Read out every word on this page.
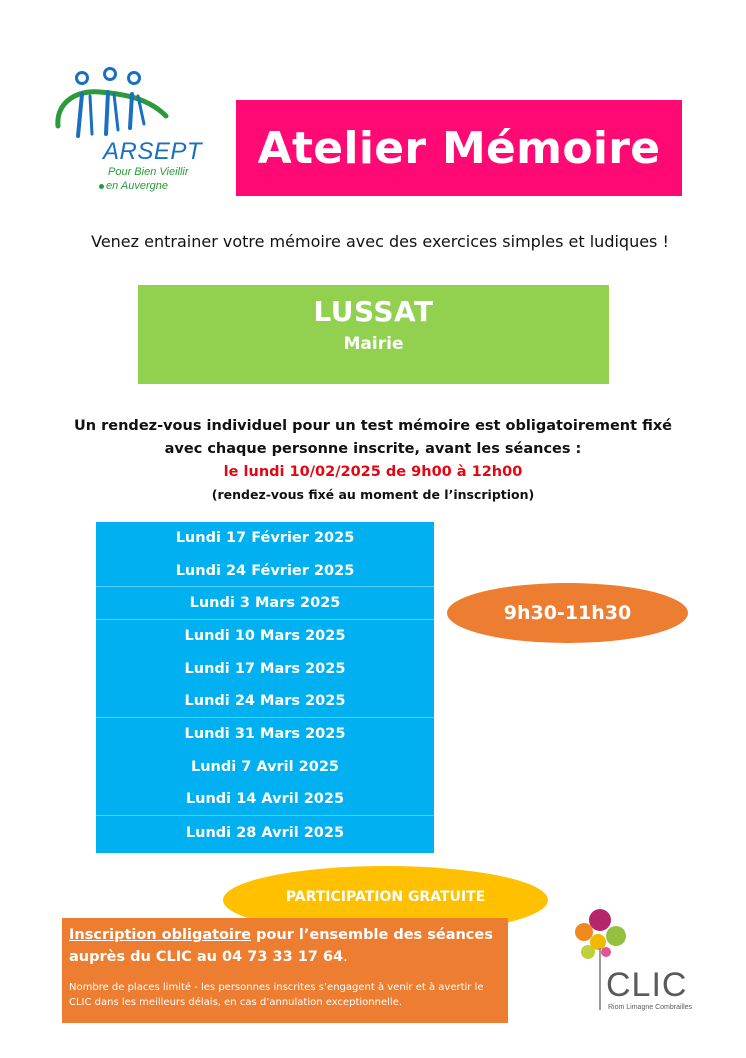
ARSEPT
Pour Bien Vieillir
en Auvergne
Atelier Mémoire
Venez entrainer votre mémoire avec des exercices simples et ludiques !
LUSSAT
Mairie
Un rendez-vous individuel pour un test mémoire est obligatoirement fixé
avec chaque personne inscrite, avant les séances :
le lundi 10/02/2025 de 9h00 à 12h00
(rendez-vous fixé au moment de l’inscription)
Lundi 17 Février 2025
Lundi 24 Février 2025
Lundi 3 Mars 2025
Lundi 10 Mars 2025
Lundi 17 Mars 2025
Lundi 24 Mars 2025
Lundi 31 Mars 2025
Lundi 7 Avril 2025
Lundi 14 Avril 2025
Lundi 28 Avril 2025
9h30-11h30
PARTICIPATION GRATUITE
Inscription obligatoire pour l’ensemble des séances
auprès du CLIC au 04 73 33 17 64.
Nombre de places limité - les personnes inscrites s’engagent à venir et à avertir le CLIC dans les meilleurs délais, en cas d’annulation exceptionnelle.	CLIC
Riom Limagne Combrailles
